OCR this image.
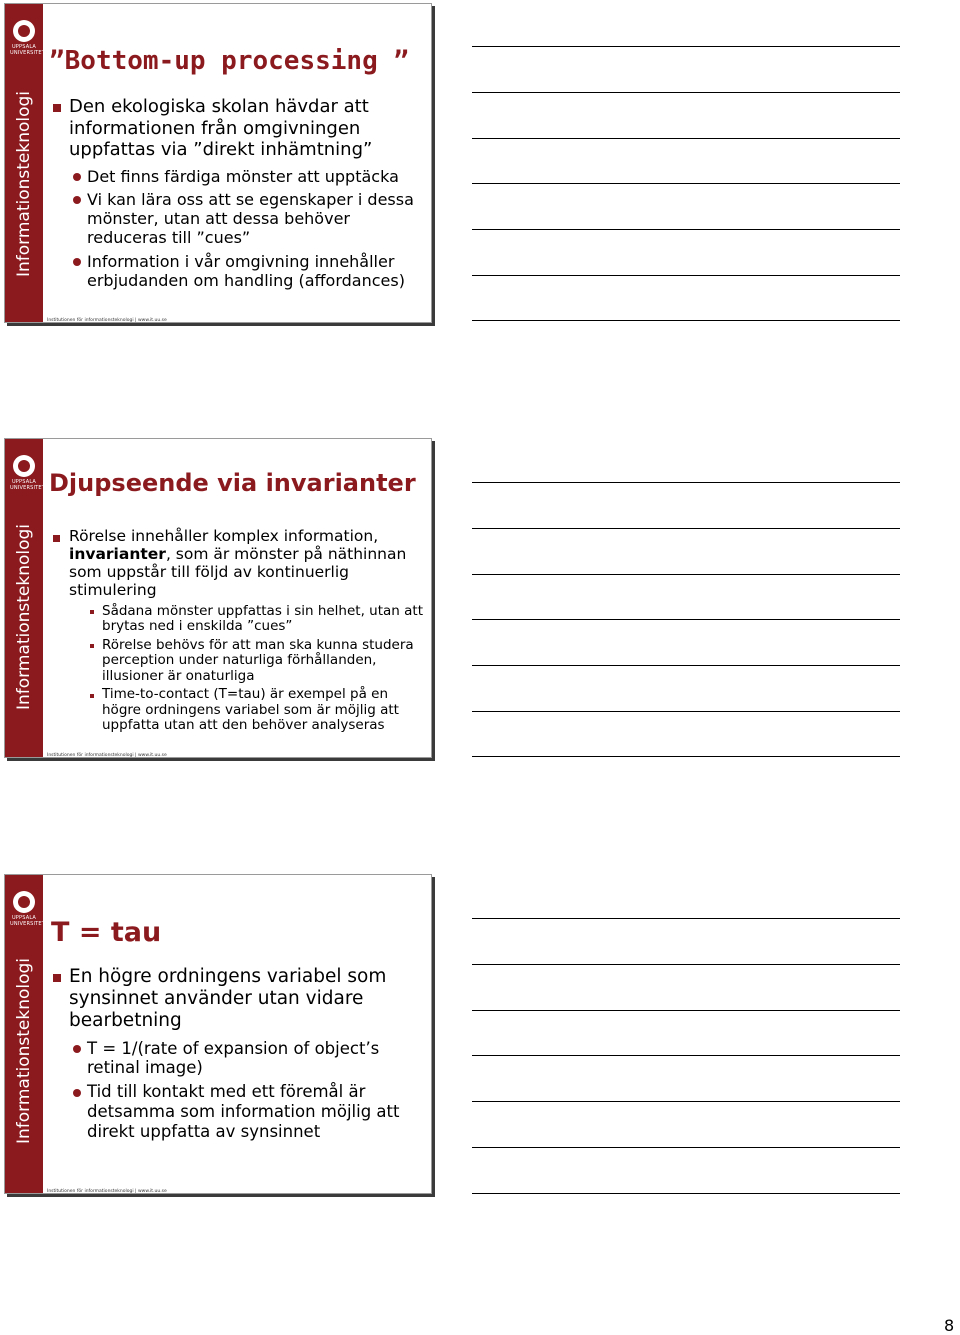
UPPSALA
UNIVERSITET
Informationsteknologi
”Bottom-up processing ”
Den ekologiska skolan hävdar att informationen från omgivningen uppfattas via ”direkt inhämtning”
Det finns färdiga mönster att upptäcka
Vi kan lära oss att se egenskaper i dessa mönster, utan att dessa behöver reduceras till ”cues”
Information i vår omgivning innehåller erbjudanden om handling (affordances)
Institutionen för informationsteknologi | www.it.uu.se
UPPSALA
UNIVERSITET
Informationsteknologi
Djupseende via invarianter
Rörelse innehåller komplex information, invarianter, som är mönster på näthinnan som uppstår till följd av kontinuerlig stimulering
Sådana mönster uppfattas i sin helhet, utan att brytas ned i enskilda ”cues”
Rörelse behövs för att man ska kunna studera perception under naturliga förhållanden, illusioner är onaturliga
Time-to-contact (T=tau) är exempel på en högre ordningens variabel som är möjlig att uppfatta utan att den behöver analyseras
Institutionen för informationsteknologi | www.it.uu.se
UPPSALA
UNIVERSITET
Informationsteknologi
T = tau
En högre ordningens variabel som synsinnet använder utan vidare bearbetning
T = 1/(rate of expansion of object’s retinal image)
Tid till kontakt med ett föremål är detsamma som information möjlig att direkt uppfatta av synsinnet
Institutionen för informationsteknologi | www.it.uu.se
8
